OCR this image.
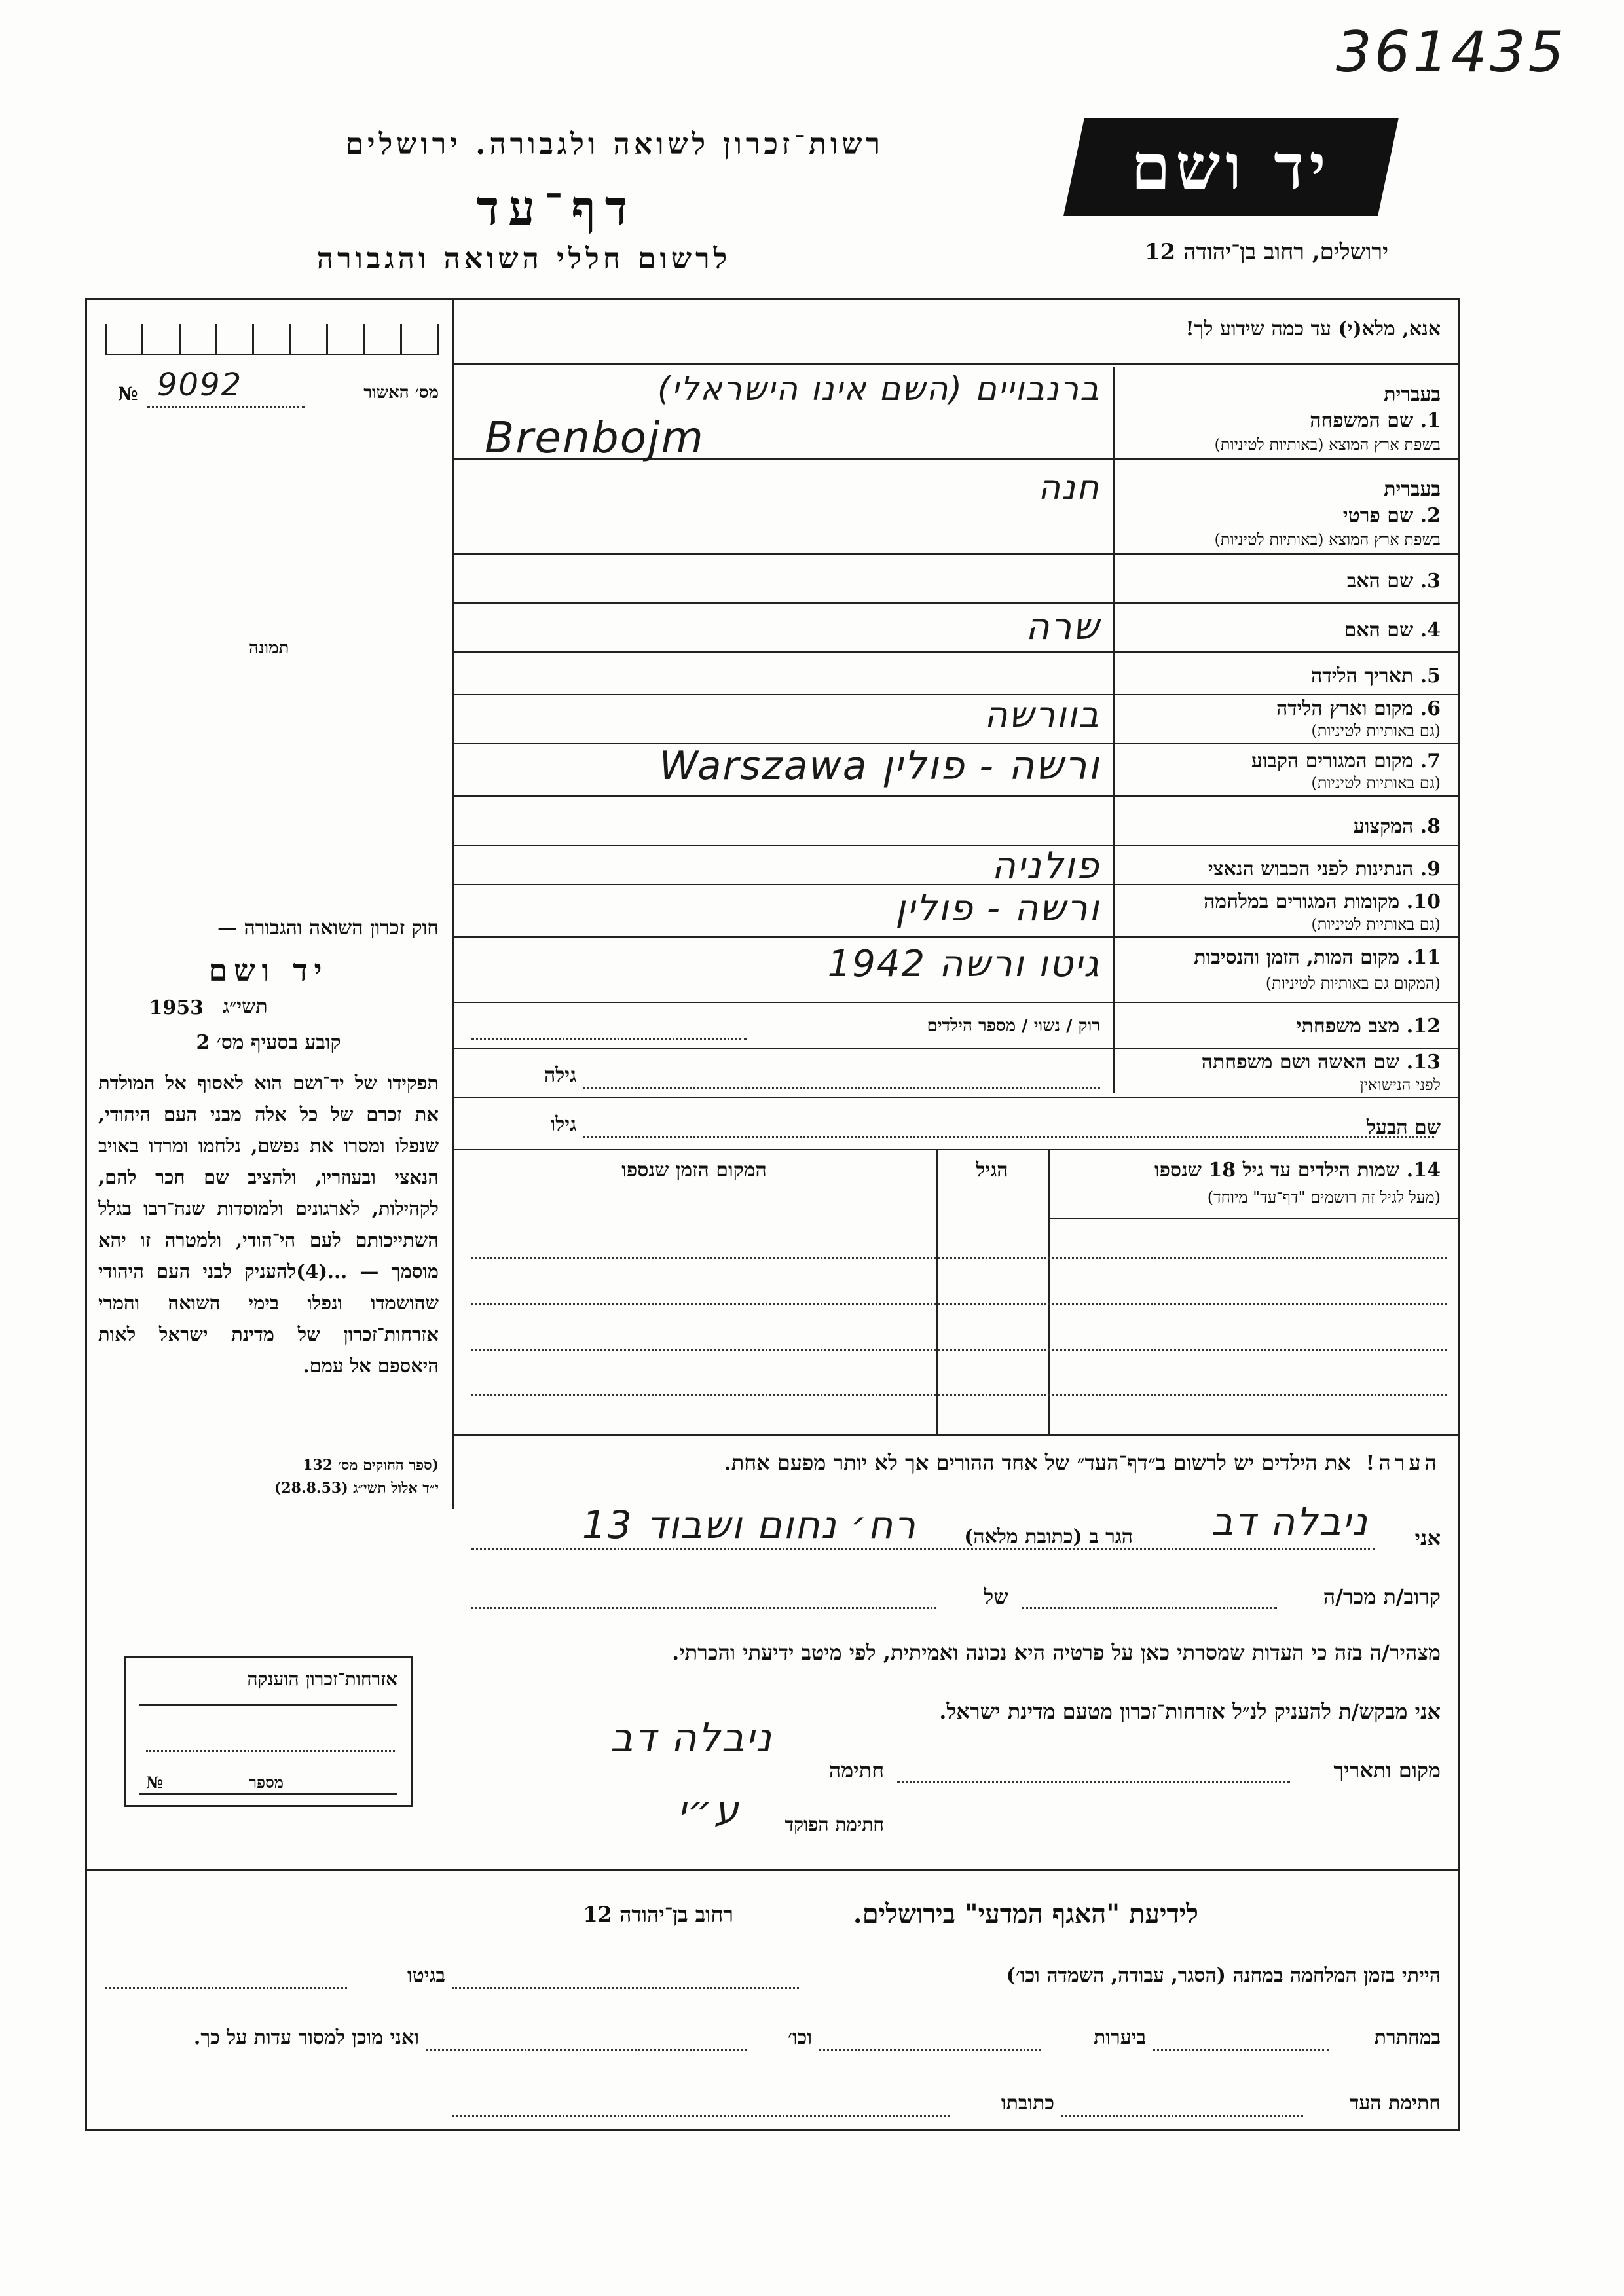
361435
רשות־זכרון לשואה ולגבורה. ירושלים
דף־עד
לרשום חללי השואה והגבורה
יד ושם
ירושלים, רחוב בן־יהודה 12
אנא, מלא(י) עד כמה שידוע לך!
מס׳ האשור
№ 9092
תמונה
חוק זכרון השואה והגבורה —
יד ושם
תשי״ג
1953
קובע בסעיף מס׳ 2
תפקידו של יד־ושם הוא לאסוף אל המולדת את זכרם של כל אלה מבני העם היהודי, שנפלו ומסרו את נפשם, נלחמו ומרדו באויב הנאצי ובעוזריו, ולהציב שם חכר להם, לקהילות, לארגונים ולמוסדות שנח־רבו בגלל השתייכותם לעם הי־הודי, ולמטרה זו יהא מוסמך — ...(4)להעניק לבני העם היהודי שהושמדו ונפלו בימי השואה והמרי אזרחות־זכרון של מדינת ישראל לאות היאספם אל עמם.
(ספר החוקים מס׳ 132
י״ד אלול תשי״ג (28.8.53)
בעברית
1. שם המשפחה
בשפת ארץ המוצא (באותיות לטיניות)
ברנבויים (השם אינו הישראלי)
Brenbojm
בעברית
2. שם פרטי
בשפת ארץ המוצא (באותיות לטיניות)
חנה
3. שם האב
4. שם האם
שרה
5. תאריך הלידה
6. מקום וארץ הלידה
(גם באותיות לטיניות)
בוורשה
7. מקום המגורים הקבוע
(גם באותיות לטיניות)
ורשה - פולין Warszawa
8. המקצוע
9. הנתינות לפני הכבוש הנאצי
פולניה
10. מקומות המגורים במלחמה
(גם באותיות לטיניות)
ורשה - פולין
11. מקום המות, הזמן והנסיבות
(המקום גם באותיות לטיניות)
גיטו ורשה 1942
12. מצב משפחתי
רוק / נשוי / מספר הילדים
13. שם האשה ושם משפחתה
לפני הנישואין
גילה
שם הבעל
גילו
14. שמות הילדים עד גיל 18 שנספו
(מעל לגיל זה רושמים "דף־עד" מיוחד)
הגיל
המקום הזמן שנספו
הערה!  את הילדים יש לרשום ב״דף־העד״ של אחד ההורים אך לא יותר מפעם אחת.
אני
ניבלה דב
הגר ב (כתובת מלאה)
רח׳ נחום ושבוד 13
קרוב/ת מכר/ה
של
מצהיר/ה בזה כי העדות שמסרתי כאן על פרטיה היא נכונה ואמיתית, לפי מיטב ידיעתי והכרתי.
אני מבקש/ת להעניק לנ״ל אזרחות־זכרון מטעם מדינת ישראל.
מקום ותאריך
חתימה
ניבלה דב
חתימת הפוקד
ע״י
אזרחות־זכרון הוענקה
№	מספר
לידיעת "האגף המדעי" בירושלים.
רחוב בן־יהודה 12
הייתי בזמן המלחמה במחנה (הסגר, עבודה, השמדה וכו׳)
בגיטו
במחתרת
ביערות
וכו׳
ואני מוכן למסור עדות על כך.
חתימת העד
כתובתו
